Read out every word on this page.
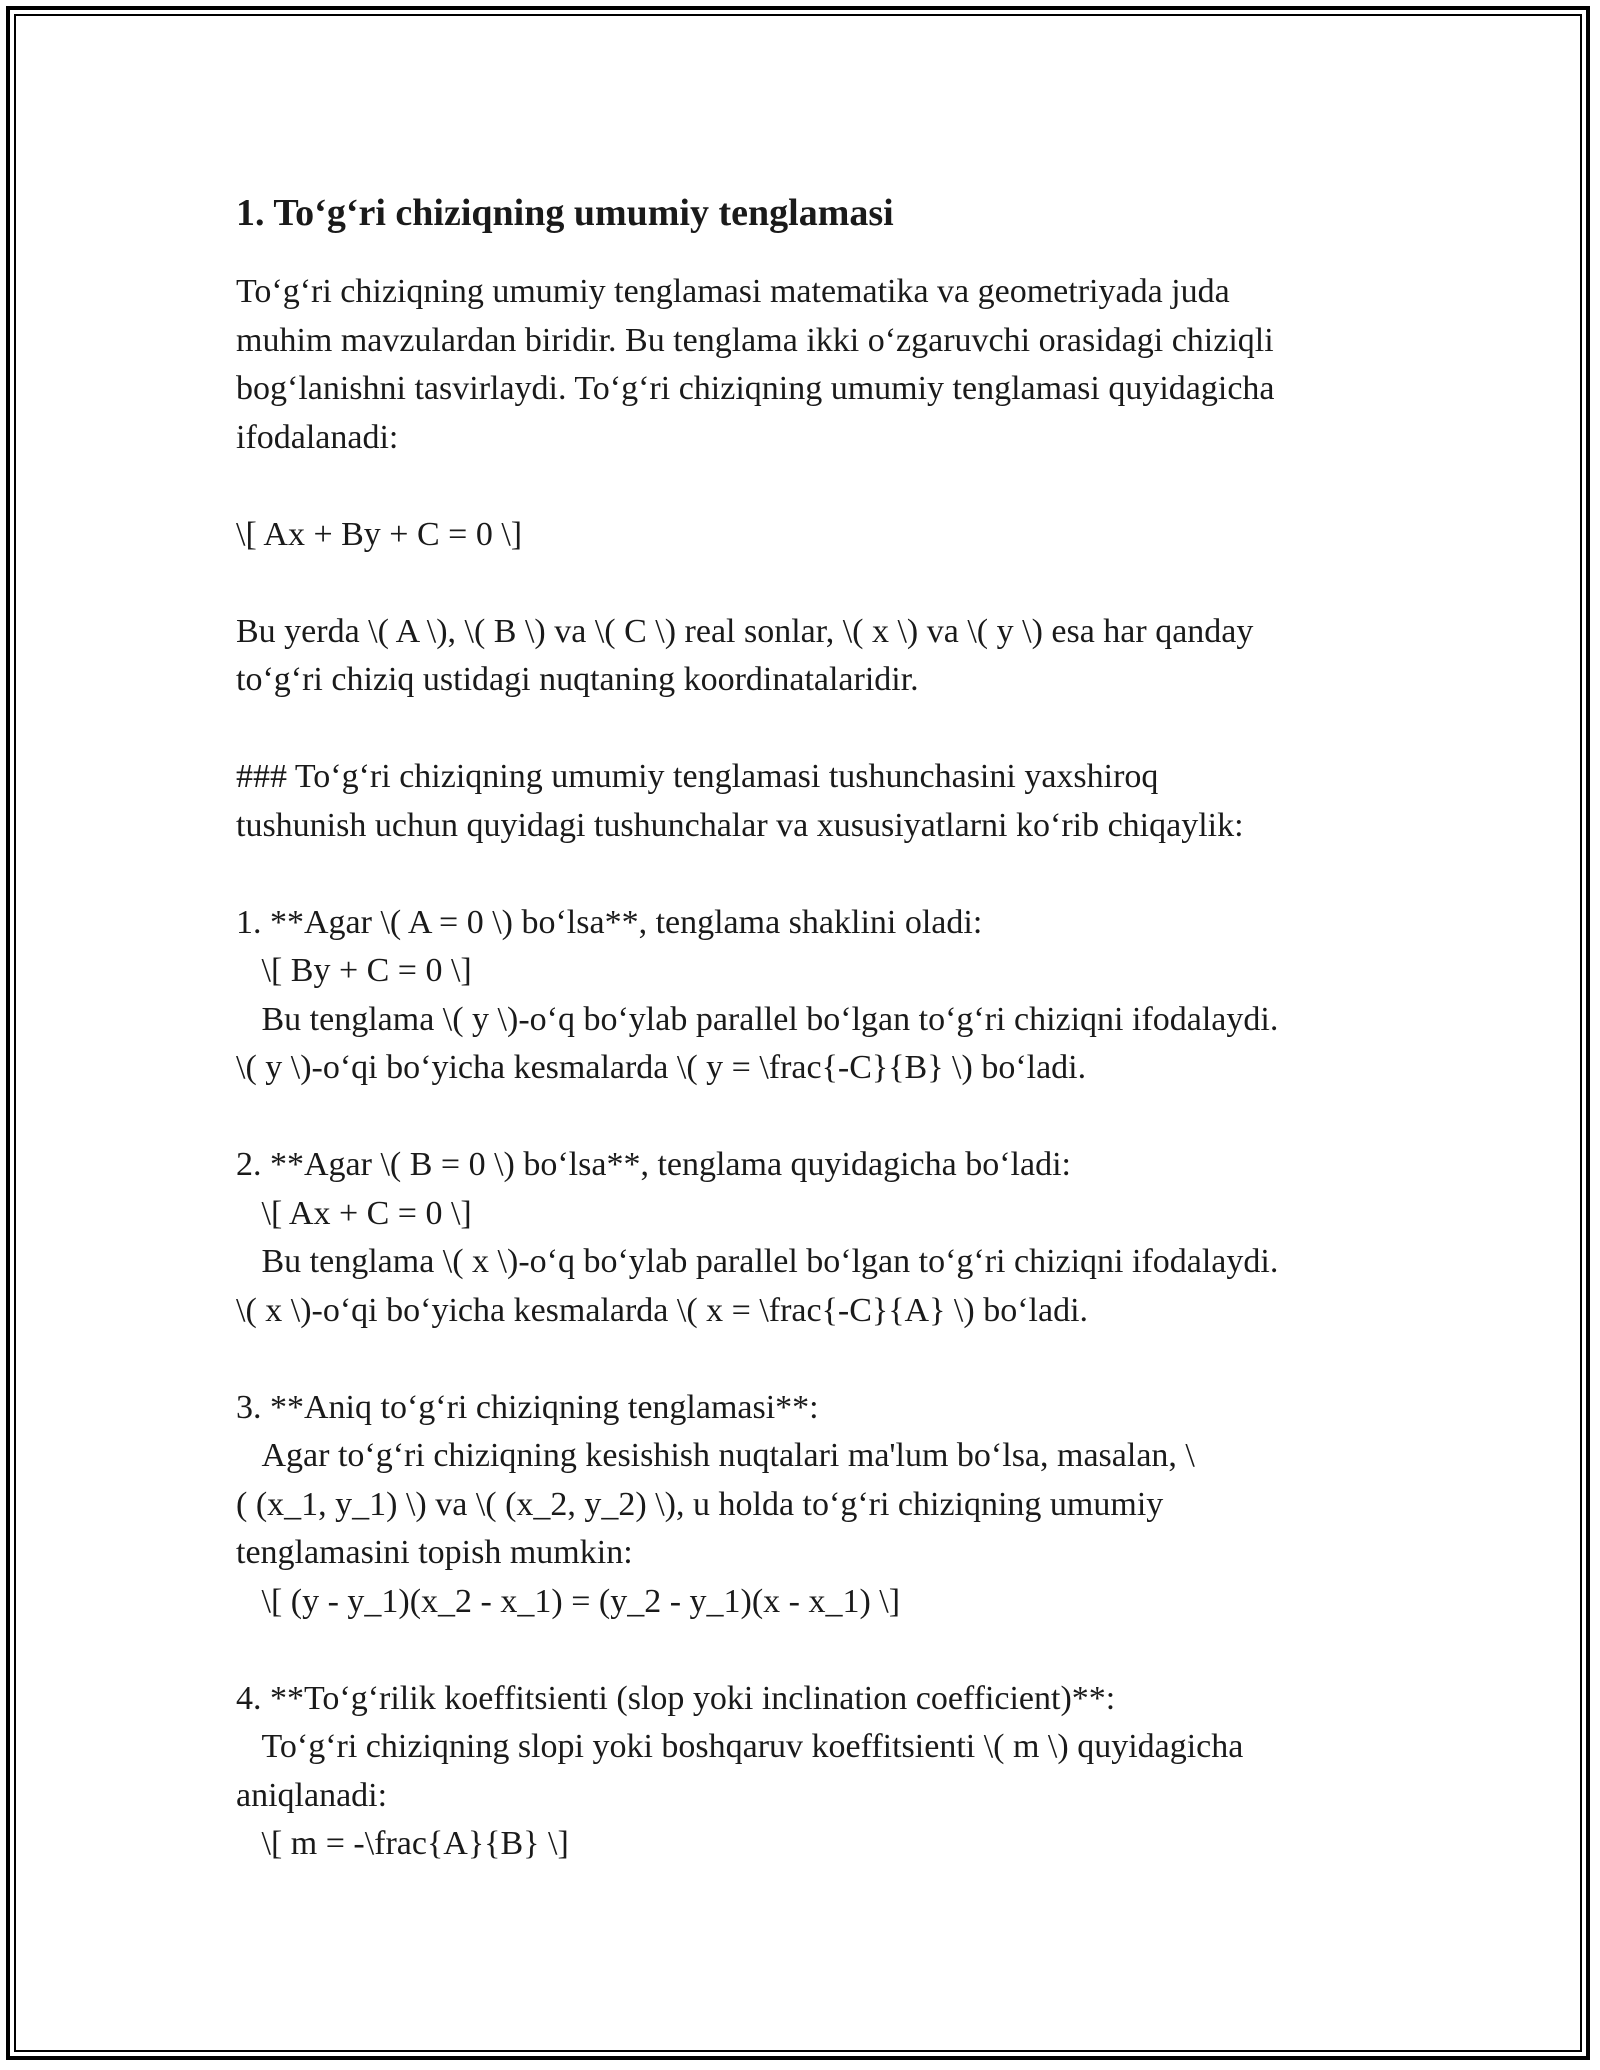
1. To‘g‘ri chiziqning umumiy tenglamasi

To‘g‘ri chiziqning umumiy tenglamasi matematika va geometriyada juda
muhim mavzulardan biridir. Bu tenglama ikki o‘zgaruvchi orasidagi chiziqli
bog‘lanishni tasvirlaydi. To‘g‘ri chiziqning umumiy tenglamasi quyidagicha
ifodalanadi:

\[ Ax + By + C = 0 \]

Bu yerda \( A \), \( B \) va \( C \) real sonlar, \( x \) va \( y \) esa har qanday
to‘g‘ri chiziq ustidagi nuqtaning koordinatalaridir.

### To‘g‘ri chiziqning umumiy tenglamasi tushunchasini yaxshiroq
tushunish uchun quyidagi tushunchalar va xususiyatlarni ko‘rib chiqaylik:

1. **Agar \( A = 0 \) bo‘lsa**, tenglama shaklini oladi:
\[ By + C = 0 \]
Bu tenglama \( y \)-o‘q bo‘ylab parallel bo‘lgan to‘g‘ri chiziqni ifodalaydi.
\( y \)-o‘qi bo‘yicha kesmalarda \( y = \frac{-C}{B} \) bo‘ladi.

2. **Agar \( B = 0 \) bo‘lsa**, tenglama quyidagicha bo‘ladi:
\[ Ax + C = 0 \]
Bu tenglama \( x \)-o‘q bo‘ylab parallel bo‘lgan to‘g‘ri chiziqni ifodalaydi.
\( x \)-o‘qi bo‘yicha kesmalarda \( x = \frac{-C}{A} \) bo‘ladi.

3. **Aniq to‘g‘ri chiziqning tenglamasi**:
Agar to‘g‘ri chiziqning kesishish nuqtalari ma'lum bo‘lsa, masalan, \
( (x_1, y_1) \) va \( (x_2, y_2) \), u holda to‘g‘ri chiziqning umumiy
tenglamasini topish mumkin:
\[ (y - y_1)(x_2 - x_1) = (y_2 - y_1)(x - x_1) \]

4. **To‘g‘rilik koeffitsienti (slop yoki inclination coefficient)**:
To‘g‘ri chiziqning slopi yoki boshqaruv koeffitsienti \( m \) quyidagicha
aniqlanadi:
\[ m = -\frac{A}{B} \]
